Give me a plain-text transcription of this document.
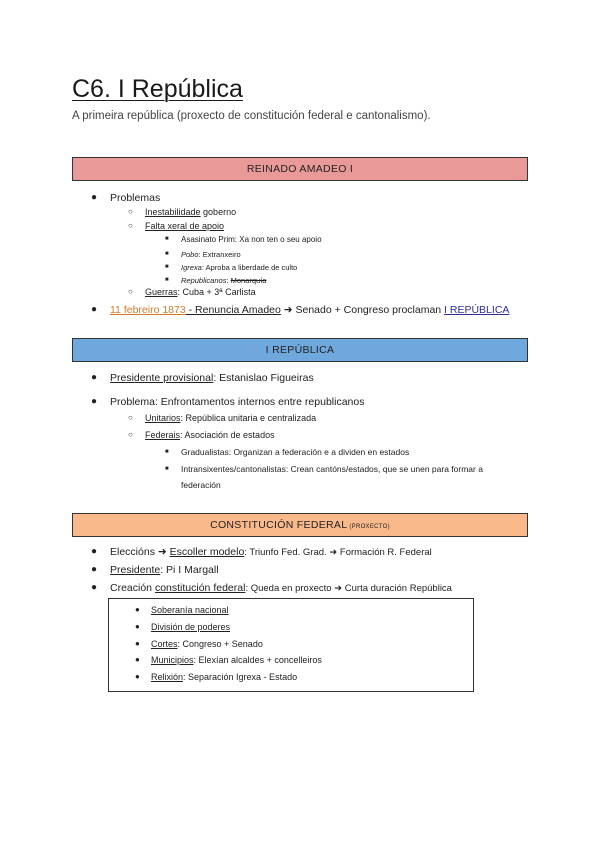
C6. I República
A primeira república (proxecto de constitución federal e cantonalismo).
REINADO AMADEO I
●
Problemas
○
Inestabilidade goberno
○
Falta xeral de apoio
■
Asasinato Prim: Xa non ten o seu apoio
■
Pobo: Extranxeiro
■
Igrexa: Aproba a liberdade de culto
■
Republicanos: Monarquía
○
Guerras: Cuba + 3ª Carlista
●
11 febreiro 1873 - Renuncia Amadeo ➜ Senado + Congreso proclaman I REPÚBLICA
I REPÚBLICA
●
Presidente provisional: Estanislao Figueiras
●
Problema: Enfrontamentos internos entre republicanos
○
Unitarios: República unitaria e centralizada
○
Federais: Asociación de estados
■
Gradualistas: Organizan a federación e a dividen en estados
■
Intransixentes/cantonalistas: Crean cantóns/estados, que se unen para formar a
federación
CONSTITUCIÓN FEDERAL (PROXECTO)
●
Eleccións ➜ Escoller modelo: Triunfo Fed. Grad. ➜ Formación R. Federal
●
Presidente: Pi I Margall
●
Creación constitución federal: Queda en proxecto ➜ Curta duración República
●
Soberanía nacional
●
División de poderes
●
Cortes: Congreso + Senado
●
Municipios: Elexían alcaldes + concelleiros
●
Relixión: Separación Igrexa - Estado
